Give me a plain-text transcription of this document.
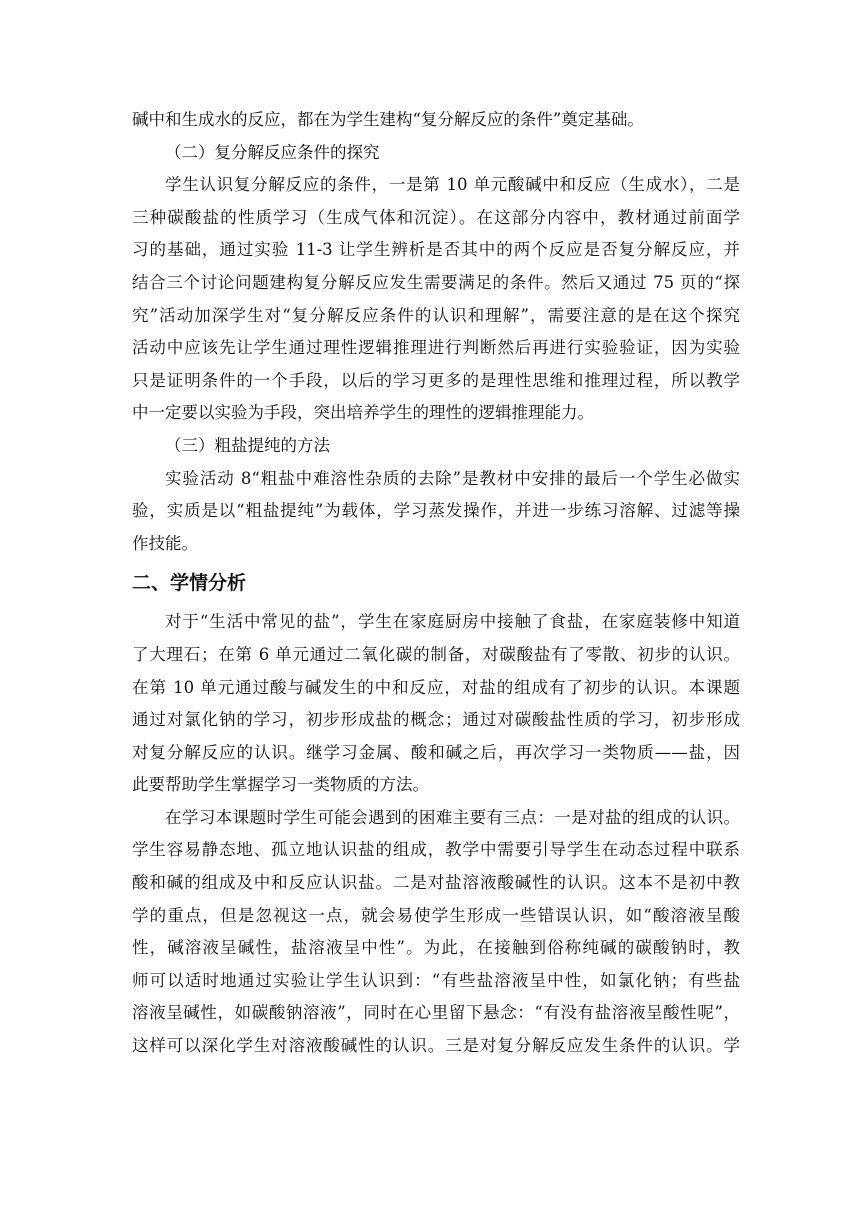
碱中和生成水的反应，都在为学生建构“复分解反应的条件”奠定基础。
（二）复分解反应条件的探究
学生认识复分解反应的条件，一是第 10 单元酸碱中和反应（生成水），二是
三种碳酸盐的性质学习（生成气体和沉淀）。在这部分内容中，教材通过前面学
习的基础，通过实验 11-3 让学生辨析是否其中的两个反应是否复分解反应，并
结合三个讨论问题建构复分解反应发生需要满足的条件。然后又通过 75 页的“探
究”活动加深学生对“复分解反应条件的认识和理解”，需要注意的是在这个探究
活动中应该先让学生通过理性逻辑推理进行判断然后再进行实验验证，因为实验
只是证明条件的一个手段，以后的学习更多的是理性思维和推理过程，所以教学
中一定要以实验为手段，突出培养学生的理性的逻辑推理能力。
（三）粗盐提纯的方法
实验活动 8“粗盐中难溶性杂质的去除”是教材中安排的最后一个学生必做实
验，实质是以“粗盐提纯”为载体，学习蒸发操作，并进一步练习溶解、过滤等操
作技能。
二、学情分析
对于“生活中常见的盐”，学生在家庭厨房中接触了食盐，在家庭装修中知道
了大理石；在第 6 单元通过二氧化碳的制备，对碳酸盐有了零散、初步的认识。
在第 10 单元通过酸与碱发生的中和反应，对盐的组成有了初步的认识。本课题
通过对氯化钠的学习，初步形成盐的概念；通过对碳酸盐性质的学习，初步形成
对复分解反应的认识。继学习金属、酸和碱之后，再次学习一类物质——盐，因
此要帮助学生掌握学习一类物质的方法。
在学习本课题时学生可能会遇到的困难主要有三点：一是对盐的组成的认识。
学生容易静态地、孤立地认识盐的组成，教学中需要引导学生在动态过程中联系
酸和碱的组成及中和反应认识盐。二是对盐溶液酸碱性的认识。这本不是初中教
学的重点，但是忽视这一点，就会易使学生形成一些错误认识，如“酸溶液呈酸
性，碱溶液呈碱性，盐溶液呈中性”。为此，在接触到俗称纯碱的碳酸钠时，教
师可以适时地通过实验让学生认识到：“有些盐溶液呈中性，如氯化钠；有些盐
溶液呈碱性，如碳酸钠溶液”，同时在心里留下悬念：“有没有盐溶液呈酸性呢”，
这样可以深化学生对溶液酸碱性的认识。三是对复分解反应发生条件的认识。学
